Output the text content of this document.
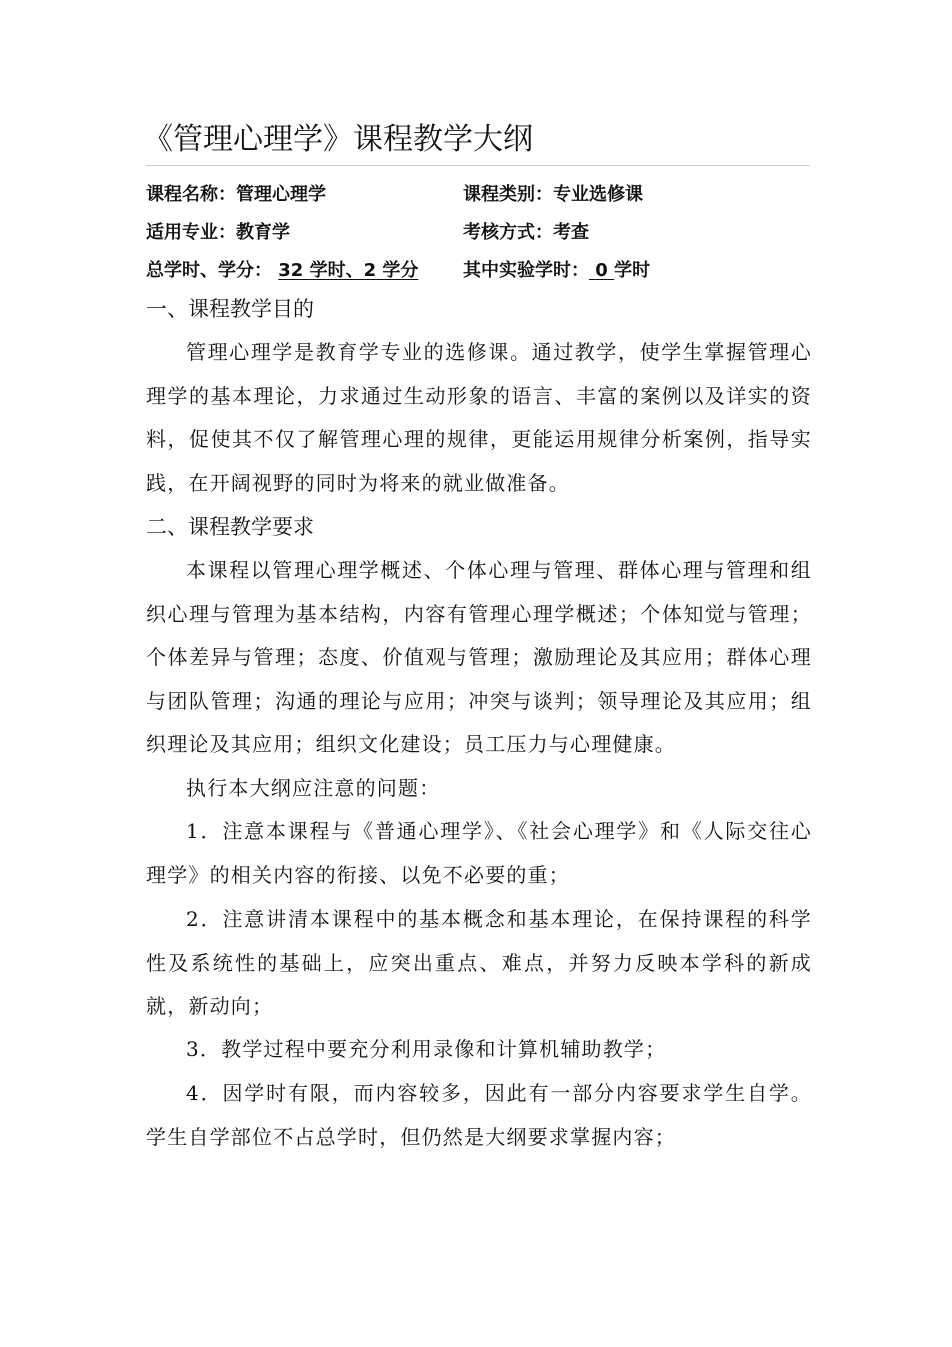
《管理心理学》课程教学大纲
课程名称：管理心理学	课程类别：专业选修课
适用专业：教育学	考核方式：考查
总学时、学分： 32 学时、2 学分 其中实验学时： 0 学时
一、课程教学目的
管理心理学是教育学专业的选修课。通过教学，使学生掌握管理心理学的基本理论，力求通过生动形象的语言、丰富的案例以及详实的资料，促使其不仅了解管理心理的规律，更能运用规律分析案例，指导实践，在开阔视野的同时为将来的就业做准备。
二、课程教学要求
本课程以管理心理学概述、个体心理与管理、群体心理与管理和组织心理与管理为基本结构，内容有管理心理学概述；个体知觉与管理；个体差异与管理；态度、价值观与管理；激励理论及其应用；群体心理与团队管理；沟通的理论与应用；冲突与谈判；领导理论及其应用；组织理论及其应用；组织文化建设；员工压力与心理健康。
执行本大纲应注意的问题：
1．注意本课程与《普通心理学》、《社会心理学》和《人际交往心理学》的相关内容的衔接、以免不必要的重；
2．注意讲清本课程中的基本概念和基本理论，在保持课程的科学性及系统性的基础上，应突出重点、难点，并努力反映本学科的新成就，新动向；
3．教学过程中要充分利用录像和计算机辅助教学；
4．因学时有限，而内容较多，因此有一部分内容要求学生自学。学生自学部位不占总学时，但仍然是大纲要求掌握内容；
